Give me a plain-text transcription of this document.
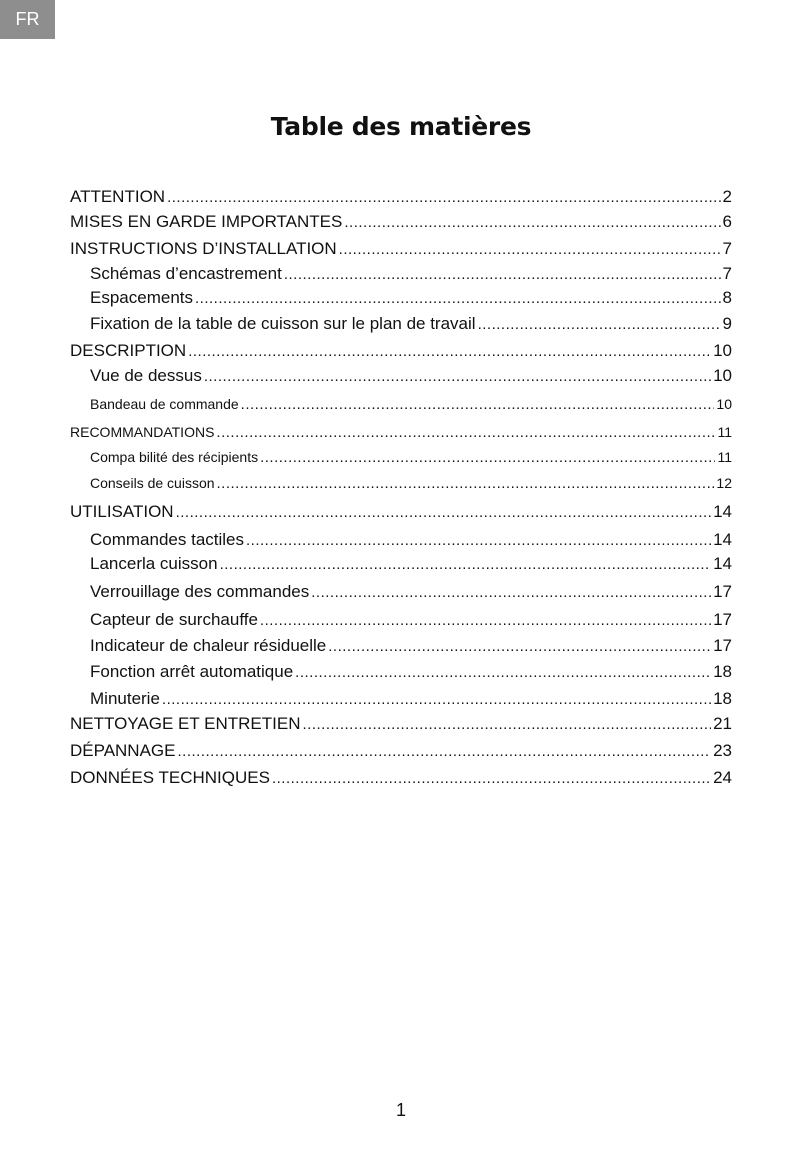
FR
Table des matières
ATTENTION .....	2
MISES EN GARDE IMPORTANTES .....	6
INSTRUCTIONS D’INSTALLATION .....	7
Schémas d’encastrement .....	7
Espacements .....	8
Fixation de la table de cuisson sur le plan de travail .....	9
DESCRIPTION .....	10
Vue de dessus .....	10
Bandeau de commande .....	10
RECOMMANDATIONS .....	11
Compa bilité des récipients .....	11
Conseils de cuisson .....	12
UTILISATION .....	14
Commandes tactiles .....	14
Lancerla cuisson .....	14
Verrouillage des commandes .....	17
Capteur de surchauffe .....	17
Indicateur de chaleur résiduelle .....	17
Fonction arrêt automatique .....	18
Minuterie .....	18
NETTOYAGE ET ENTRETIEN .....	21
DÉPANNAGE .....	23
DONNÉES TECHNIQUES .....	24
1
